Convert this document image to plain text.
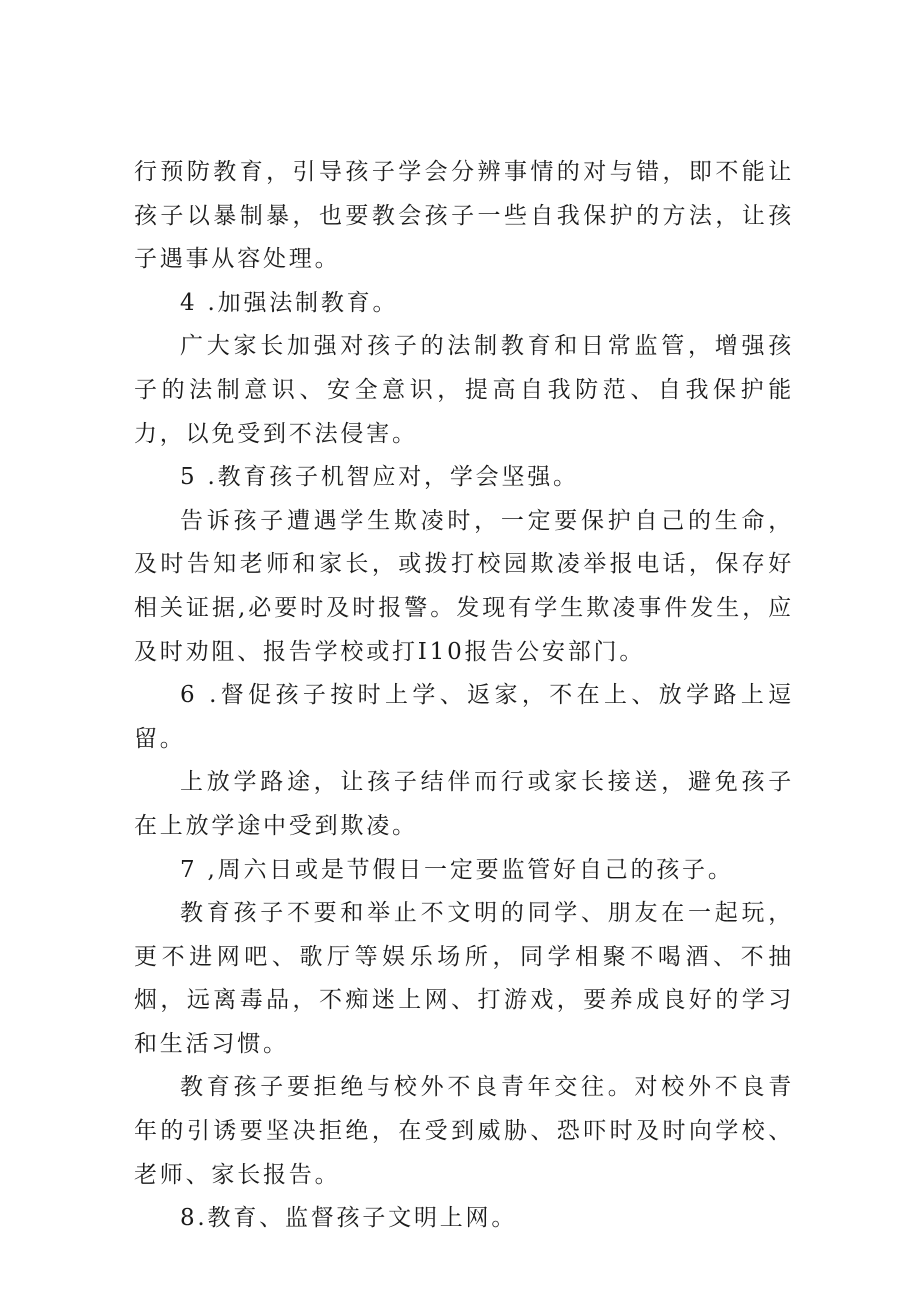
行预防教育，引导孩子学会分辨事情的对与错，即不能让孩子以暴制暴，也要教会孩子一些自我保护的方法，让孩子遇事从容处理。

4 .加强法制教育。

广大家长加强对孩子的法制教育和日常监管，增强孩子的法制意识、安全意识，提高自我防范、自我保护能力，以免受到不法侵害。

5 .教育孩子机智应对，学会坚强。

告诉孩子遭遇学生欺凌时，一定要保护自己的生命，及时告知老师和家长，或拨打校园欺凌举报电话，保存好相关证据,必要时及时报警。发现有学生欺凌事件发生，应及时劝阻、报告学校或打I10报告公安部门。

6 .督促孩子按时上学、返家，不在上、放学路上逗留。

上放学路途，让孩子结伴而行或家长接送，避免孩子在上放学途中受到欺凌。

7 ,周六日或是节假日一定要监管好自己的孩子。

教育孩子不要和举止不文明的同学、朋友在一起玩，更不进网吧、歌厅等娱乐场所，同学相聚不喝酒、不抽烟，远离毒品，不痴迷上网、打游戏，要养成良好的学习和生活习惯。

教育孩子要拒绝与校外不良青年交往。对校外不良青年的引诱要坚决拒绝，在受到威胁、恐吓时及时向学校、老师、家长报告。

8.教育、监督孩子文明上网。
